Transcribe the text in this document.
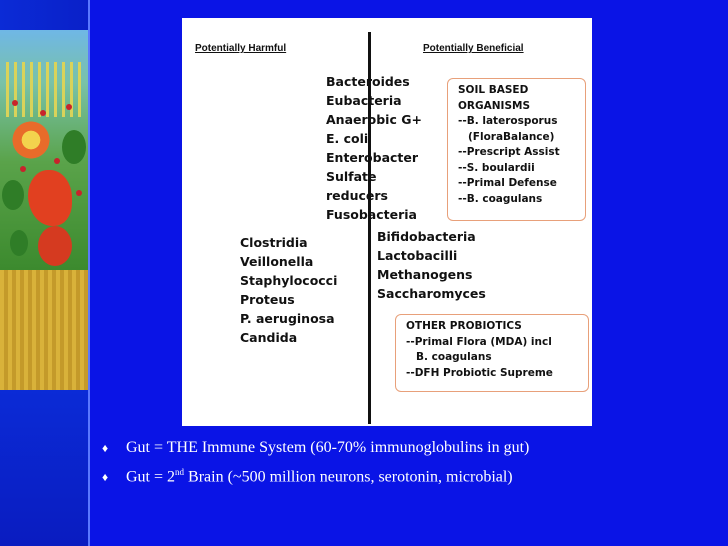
Potentially Harmful	Potentially Beneficial
Bacteroides
Eubacteria
Anaerobic G+
E. coli
Enterobacter
Sulfate
reducers
Fusobacteria
Clostridia
Veillonella
Staphylococci
Proteus
P. aeruginosa
Candida
Bifidobacteria
Lactobacilli
Methanogens
Saccharomyces
SOIL BASED
ORGANISMS
--B. laterosporus
(FloraBalance)
--Prescript Assist
--S. boulardii
--Primal Defense
--B. coagulans
OTHER PROBIOTICS
--Primal Flora (MDA) incl
B. coagulans
--DFH Probiotic Supreme
♦ Gut = THE Immune System (60-70% immunoglobulins in gut)
♦ Gut = 2nd Brain (~500 million neurons, serotonin, microbial)
